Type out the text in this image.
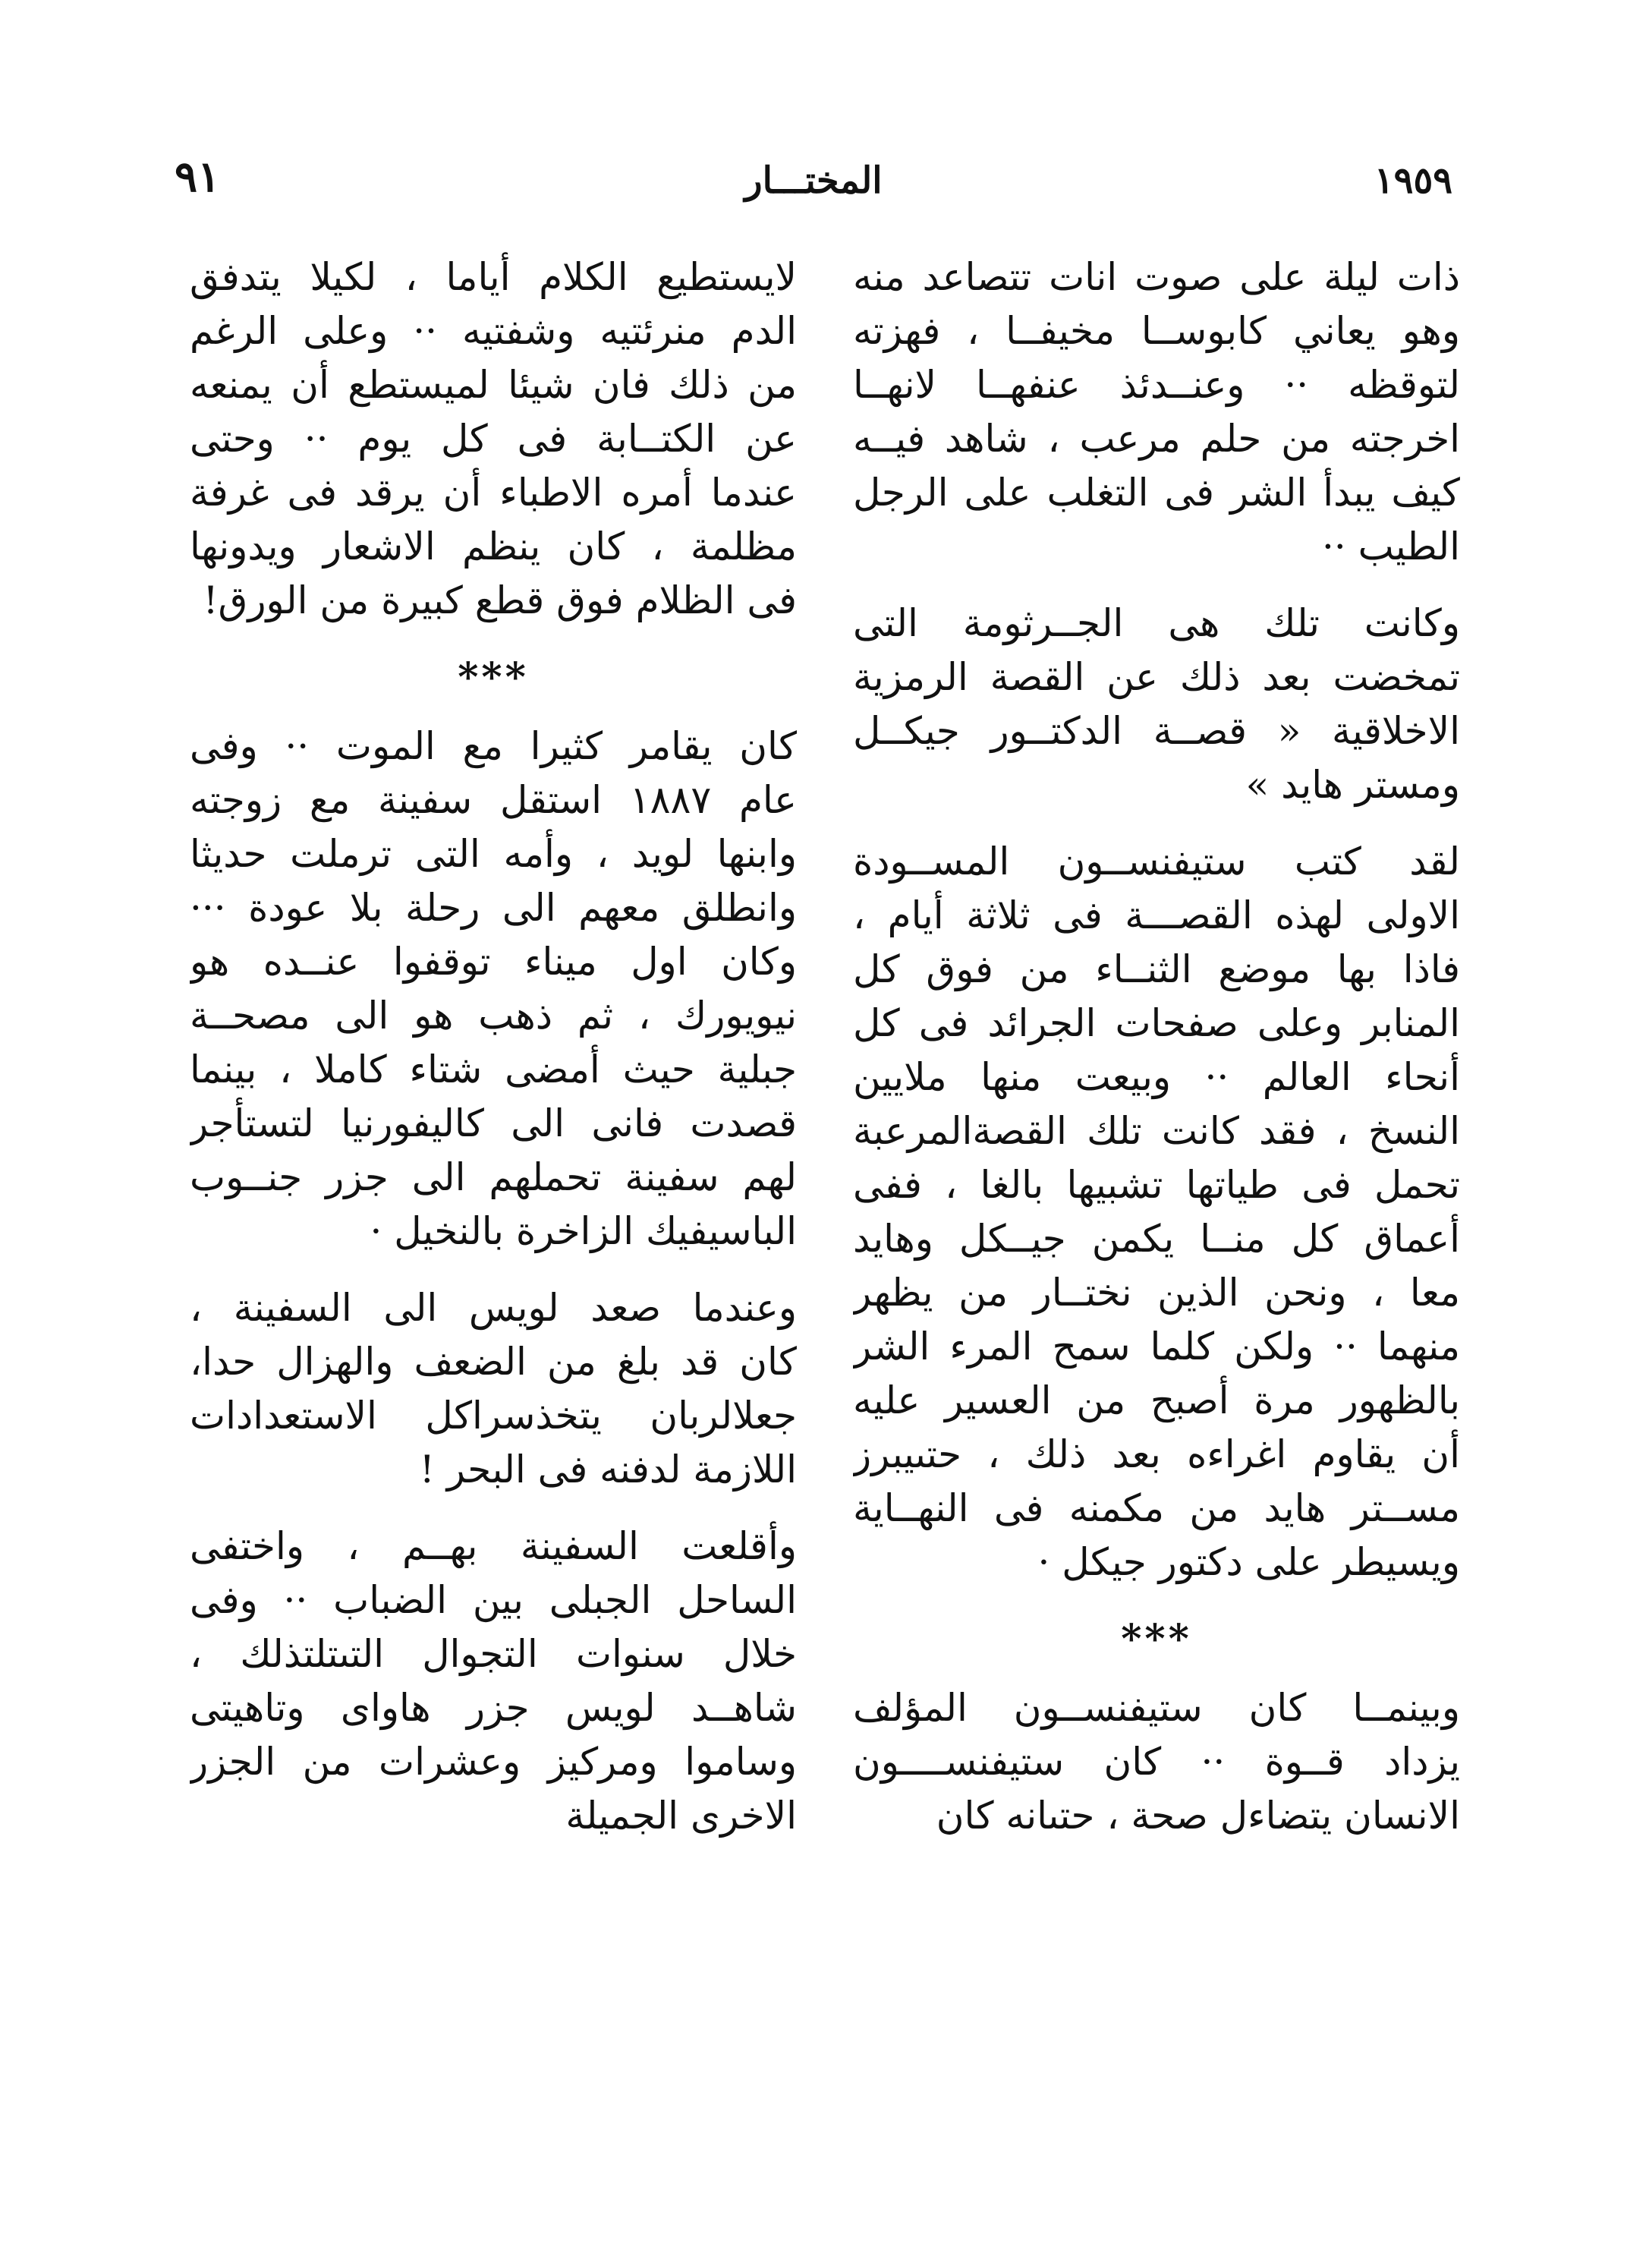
١٩٥٩
المختـــار
٩١
ذات ليلة على صوت انات تتصاعد منه
وهو يعاني كابوســا مخيفــا ، فهزته
لتوقظه ·· وعنــدئذ عنفهــا لانهــا
اخرجته من حلم مرعب ، شاهد فيــه
كيف يبدأ الشر فى التغلب على الرجل
الطيب ··
وكانت تلك هى الجــرثومة التى
تمخضت بعد ذلك عن القصة الرمزية
الاخلاقية « قصــة الدكتــور جيكــل
ومستر هايد »
لقد كتب ستيفنســون المســودة
الاولى لهذه القصـــة فى ثلاثة أيام ،
فاذا بها موضع الثنــاء من فوق كل
المنابر وعلى صفحات الجرائد فى كل
أنحاء العالم ·· وبيعت منها ملايين
النسخ ، فقد كانت تلك القصةالمرعبة
تحمل فى طياتها تشبيها بالغا ، ففى
أعماق كل منــا يكمن جيــكل وهايد
معا ، ونحن الذين نختــار من يظهر
منهما ·· ولكن كلما سمح المرء الشر
بالظهور مرة أصبح من العسير عليه
أن يقاوم اغراءه بعد ذلك ، حتىيبرز
مســتر هايد من مكمنه فى النهــاية
ويسيطر على دكتور جيكل ·
***
وبينمــا كان ستيفنســون المؤلف
يزداد قــوة ·· كان ستيفنســــون
الانسان يتضاءل صحة ، حتىانه كان
لايستطيع الكلام أياما ، لكيلا يتدفق
الدم منرئتيه وشفتيه ·· وعلى الرغم
من ذلك فان شيئا لميستطع أن يمنعه
عن الكتــابة فى كل يوم ·· وحتى
عندما أمره الاطباء أن يرقد فى غرفة
مظلمة ، كان ينظم الاشعار ويدونها
فى الظلام فوق قطع كبيرة من الورق!
***
كان يقامر كثيرا مع الموت ·· وفى
عام ١٨٨٧ استقل سفينة مع زوجته
وابنها لويد ، وأمه التى ترملت حديثا
وانطلق معهم الى رحلة بلا عودة ···
وكان اول ميناء توقفوا عنــده هو
نيويورك ، ثم ذهب هو الى مصحــة
جبلية حيث أمضى شتاء كاملا ، بينما
قصدت فانى الى كاليفورنيا لتستأجر
لهم سفينة تحملهم الى جزر جنــوب
الباسيفيك الزاخرة بالنخيل ·
وعندما صعد لويس الى السفينة ،
كان قد بلغ من الضعف والهزال حدا،
جعلالربان يتخذسراكل الاستعدادات
اللازمة لدفنه فى البحر !
وأقلعت السفينة بهــم ، واختفى
الساحل الجبلى بين الضباب ·· وفى
خلال سنوات التجوال التىتلتذلك ،
شاهــد لويس جزر هاواى وتاهيتى
وساموا ومركيز وعشرات من الجزر
الاخرى الجميلة
